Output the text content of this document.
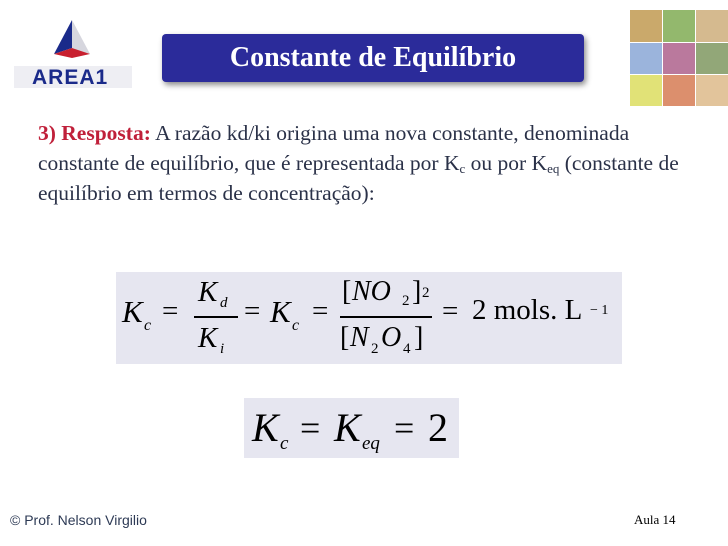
AREA1
Constante de Equilíbrio
3) Resposta: A razão kd/ki origina uma nova constante, denominada constante de equilíbrio, que é representada por $K_c$ ou por $K_{eq}$ (constante de equilíbrio em termos de concentração):
K c =
K d
K i
= K c =
[ NO 2 ] 2
[ N 2 O 4 ]
= 2 mols. L − 1
K c = K eq = 2
© Prof. Nelson Virgilio	Aula 14
